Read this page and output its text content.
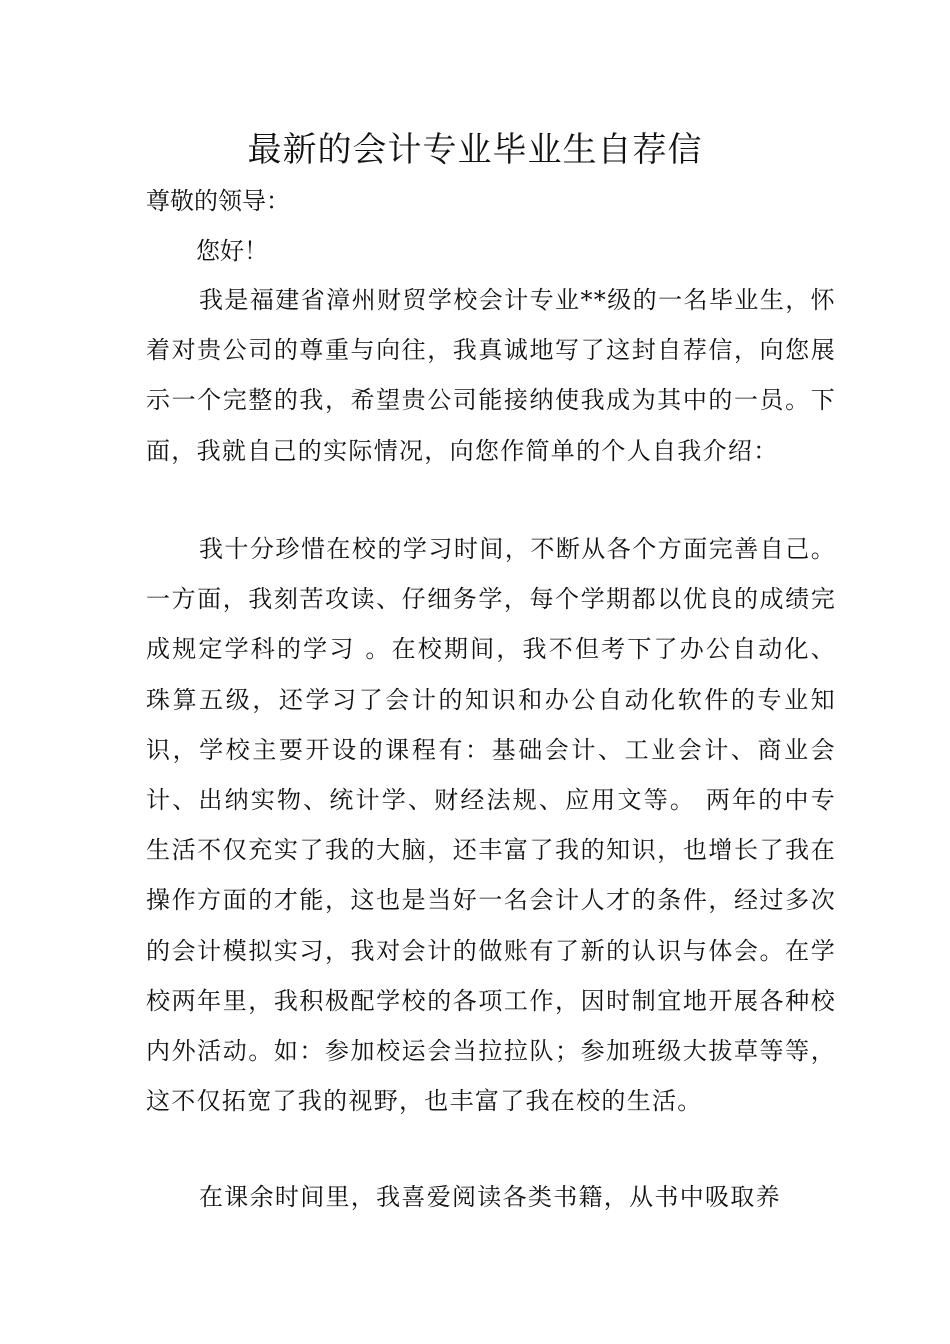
最新的会计专业毕业生自荐信
尊敬的领导：
您好！
我是福建省漳州财贸学校会计专业**级的一名毕业生，怀着对贵公司的尊重与向往，我真诚地写了这封自荐信，向您展示一个完整的我，希望贵公司能接纳使我成为其中的一员。下面，我就自己的实际情况，向您作简单的个人自我介绍：
我十分珍惜在校的学习时间，不断从各个方面完善自己。一方面，我刻苦攻读、仔细务学，每个学期都以优良的成绩完成规定学科的学习 。在校期间，我不但考下了办公自动化、珠算五级，还学习了会计的知识和办公自动化软件的专业知识，学校主要开设的课程有：基础会计、工业会计、商业会计、出纳实物、统计学、财经法规、应用文等。 两年的中专生活不仅充实了我的大脑，还丰富了我的知识，也增长了我在操作方面的才能，这也是当好一名会计人才的条件，经过多次的会计模拟实习，我对会计的做账有了新的认识与体会。在学校两年里，我积极配学校的各项工作，因时制宜地开展各种校内外活动。如：参加校运会当拉拉队；参加班级大拔草等等，这不仅拓宽了我的视野，也丰富了我在校的生活。
在课余时间里，我喜爱阅读各类书籍，从书中吸取养
